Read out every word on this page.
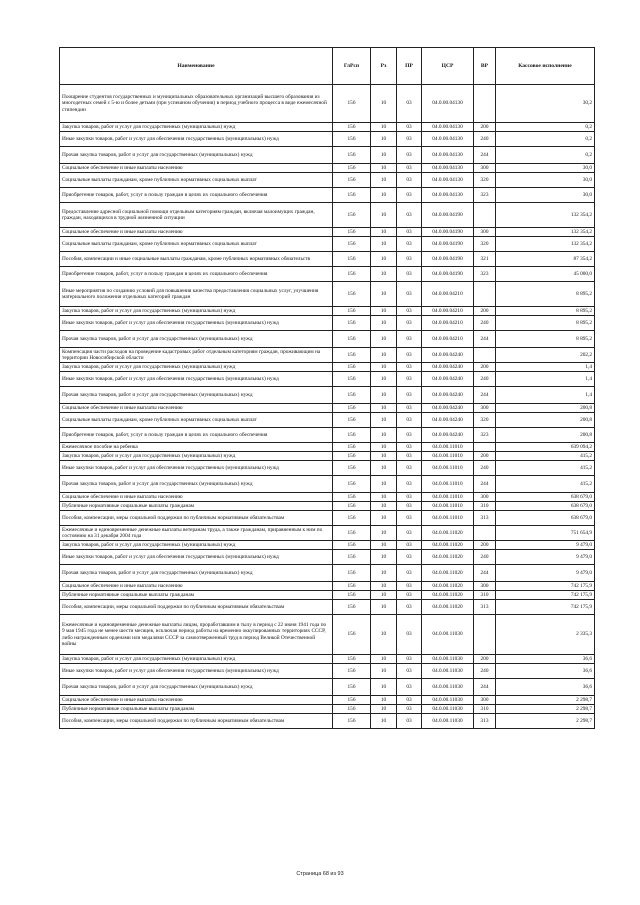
Наименование	ГлРсп	Рз	ПР	ЦСР	ВР	Кассовое исполнение
Поощрение студентов государственных и муниципальных образовательных организаций высшего образования из многодетных семей с 5-ю и более детьми (при успешном обучении) в период учебного процесса в виде ежемесячной стипендии	156	10	03	04.0.00.04130		30,2
Закупка товаров, работ и услуг для государственных (муниципальных) нужд	156	10	03	04.0.00.04130	200	0,2
Иные закупки товаров, работ и услуг для обеспечения государственных (муниципальных) нужд	156	10	03	04.0.00.04130	240	0,2
Прочая закупка товаров, работ и услуг для государственных (муниципальных) нужд	156	10	03	04.0.00.04130	244	0,2
Социальное обеспечение и иные выплаты населению	156	10	03	04.0.00.04130	300	30,0
Социальные выплаты гражданам, кроме публичных нормативных социальных выплат	156	10	03	04.0.00.04130	320	30,0
Приобретение товаров, работ, услуг в пользу граждан в целях их социального обеспечения	156	10	03	04.0.00.04130	323	30,0
Предоставление адресной социальной помощи отдельным категориям граждан, включая малоимущих граждан, граждан, находящихся в трудной жизненной ситуации	156	10	03	04.0.00.04190		132 354,2
Социальное обеспечение и иные выплаты населению	156	10	03	04.0.00.04190	300	132 354,2
Социальные выплаты гражданам, кроме публичных нормативных социальных выплат	156	10	03	04.0.00.04190	320	132 354,2
Пособия, компенсации и иные социальные выплаты гражданам, кроме публичных нормативных обязательств	156	10	03	04.0.00.04190	321	87 354,2
Приобретение товаров, работ, услуг в пользу граждан в целях их социального обеспечения	156	10	03	04.0.00.04190	323	45 000,0
Иные мероприятия по созданию условий для повышения качества предоставления социальных услуг, улучшения материального положения отдельных категорий граждан	156	10	03	04.0.00.04210		8 895,2
Закупка товаров, работ и услуг для государственных (муниципальных) нужд	156	10	03	04.0.00.04210	200	8 895,2
Иные закупки товаров, работ и услуг для обеспечения государственных (муниципальных) нужд	156	10	03	04.0.00.04210	240	8 895,2
Прочая закупка товаров, работ и услуг для государственных (муниципальных) нужд	156	10	03	04.0.00.04210	244	8 895,2
Компенсация части расходов на проведение кадастровых работ отдельным категориям граждан, проживающим на территории Новосибирской области	156	10	03	04.0.00.04240		202,2
Закупка товаров, работ и услуг для государственных (муниципальных) нужд	156	10	03	04.0.00.04240	200	1,4
Иные закупки товаров, работ и услуг для обеспечения государственных (муниципальных) нужд	156	10	03	04.0.00.04240	240	1,4
Прочая закупка товаров, работ и услуг для государственных (муниципальных) нужд	156	10	03	04.0.00.04240	244	1,4
Социальное обеспечение и иные выплаты населению	156	10	03	04.0.00.04240	300	200,8
Социальные выплаты гражданам, кроме публичных нормативных социальных выплат	156	10	03	04.0.00.04240	320	200,8
Приобретение товаров, работ, услуг в пользу граждан в целях их социального обеспечения	156	10	03	04.0.00.04240	323	200,8
Ежемесячное пособие на ребенка	156	10	03	04.0.00.11010		639 094,2
Закупка товаров, работ и услуг для государственных (муниципальных) нужд	156	10	03	04.0.00.11010	200	415,2
Иные закупки товаров, работ и услуг для обеспечения государственных (муниципальных) нужд	156	10	03	04.0.00.11010	240	415,2
Прочая закупка товаров, работ и услуг для государственных (муниципальных) нужд	156	10	03	04.0.00.11010	244	415,2
Социальное обеспечение и иные выплаты населению	156	10	03	04.0.00.11010	300	638 679,0
Публичные нормативные социальные выплаты гражданам	156	10	03	04.0.00.11010	310	638 679,0
Пособия, компенсации, меры социальной поддержки по публичным нормативным обязательствам	156	10	03	04.0.00.11010	313	638 679,0
Ежемесячные и единовременные денежные выплаты ветеранам труда, а также гражданам, приравненным к ним по состоянию на 31 декабря 2004 года	156	10	03	04.0.00.11020		751 654,9
Закупка товаров, работ и услуг для государственных (муниципальных) нужд	156	10	03	04.0.00.11020	200	9 479,0
Иные закупки товаров, работ и услуг для обеспечения государственных (муниципальных) нужд	156	10	03	04.0.00.11020	240	9 479,0
Прочая закупка товаров, работ и услуг для государственных (муниципальных) нужд	156	10	03	04.0.00.11020	244	9 479,0
Социальное обеспечение и иные выплаты населению	156	10	03	04.0.00.11020	300	742 175,9
Публичные нормативные социальные выплаты гражданам	156	10	03	04.0.00.11020	310	742 175,9
Пособия, компенсации, меры социальной поддержки по публичным нормативным обязательствам	156	10	03	04.0.00.11020	313	742 175,9
Ежемесячные и единовременные денежные выплаты лицам, проработавшим в тылу в период с 22 июня 1941 года по 9 мая 1945 года не менее шести месяцев, исключая период работы на временно оккупированных территориях СССР, либо награжденным орденами или медалями СССР за самоотверженный труд в период Великой Отечественной войны	156	10	03	04.0.00.11030		2 335,3
Закупка товаров, работ и услуг для государственных (муниципальных) нужд	156	10	03	04.0.00.11030	200	36,6
Иные закупки товаров, работ и услуг для обеспечения государственных (муниципальных) нужд	156	10	03	04.0.00.11030	240	36,6
Прочая закупка товаров, работ и услуг для государственных (муниципальных) нужд	156	10	03	04.0.00.11030	244	36,6
Социальное обеспечение и иные выплаты населению	156	10	03	04.0.00.11030	300	2 298,7
Публичные нормативные социальные выплаты гражданам	156	10	03	04.0.00.11030	310	2 298,7
Пособия, компенсации, меры социальной поддержки по публичным нормативным обязательствам	156	10	03	04.0.00.11030	313	2 298,7
Страница 68 из 93
